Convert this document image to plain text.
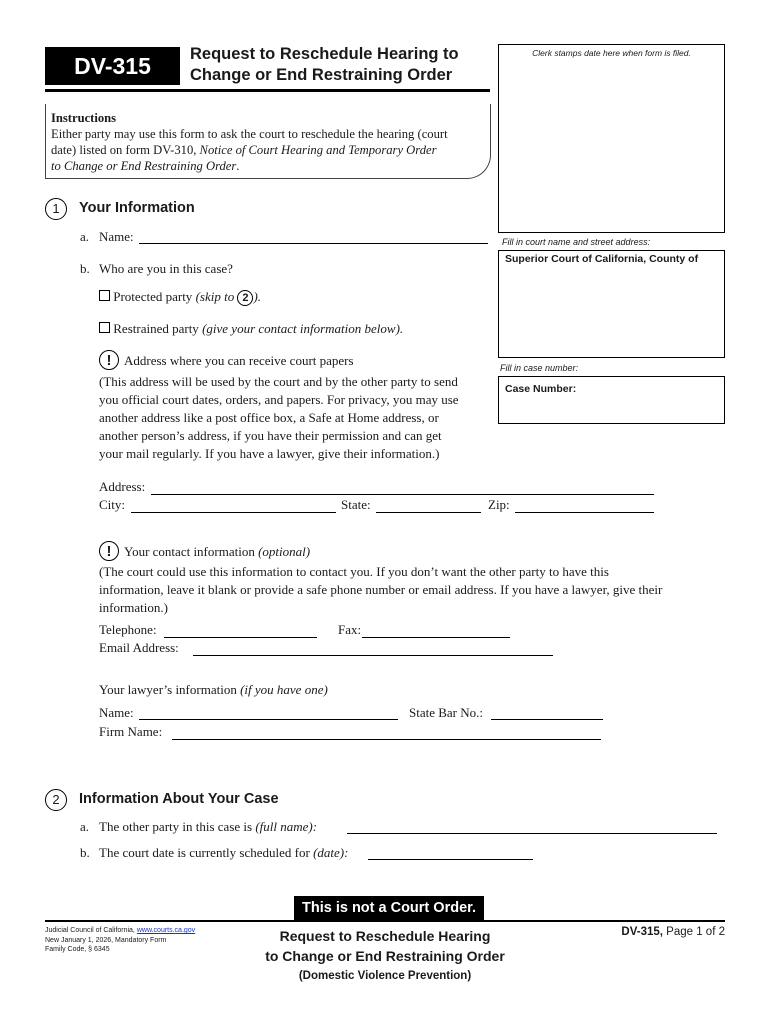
DV-315	Request to Reschedule Hearing to
Change or End Restraining Order
Clerk stamps date here when form is filed.
Fill in court name and street address:
Superior Court of California, County of
Fill in case number:
Case Number:
Instructions
Either party may use this form to ask the court to reschedule the hearing (court
date) listed on form DV-310, Notice of Court Hearing and Temporary Order
to Change or End Restraining Order.
1	Your Information
a. Name:
b. Who are you in this case?
Protected party (skip to 2 ).
Restrained party (give your contact information below).
! Address where you can receive court papers
(This address will be used by the court and by the other party to send
you official court dates, orders, and papers. For privacy, you may use
another address like a post office box, a Safe at Home address, or
another person’s address, if you have their permission and can get
your mail regularly. If you have a lawyer, give their information.)
Address:
City:	State:	Zip:
! Your contact information (optional)
(The court could use this information to contact you. If you don’t want the other party to have this
information, leave it blank or provide a safe phone number or email address. If you have a lawyer, give their
information.)
Telephone:	Fax:
Email Address:
Your lawyer’s information (if you have one)
Name:	State Bar No.:
Firm Name:
2	Information About Your Case
a. The other party in this case is (full name):
b. The court date is currently scheduled for (date):
This is not a Court Order.
Judicial Council of California, www.courts.ca.gov
New January 1, 2026, Mandatory Form
Family Code, § 6345
Request to Reschedule Hearing
to Change or End Restraining Order
(Domestic Violence Prevention)
DV-315, Page 1 of 2
